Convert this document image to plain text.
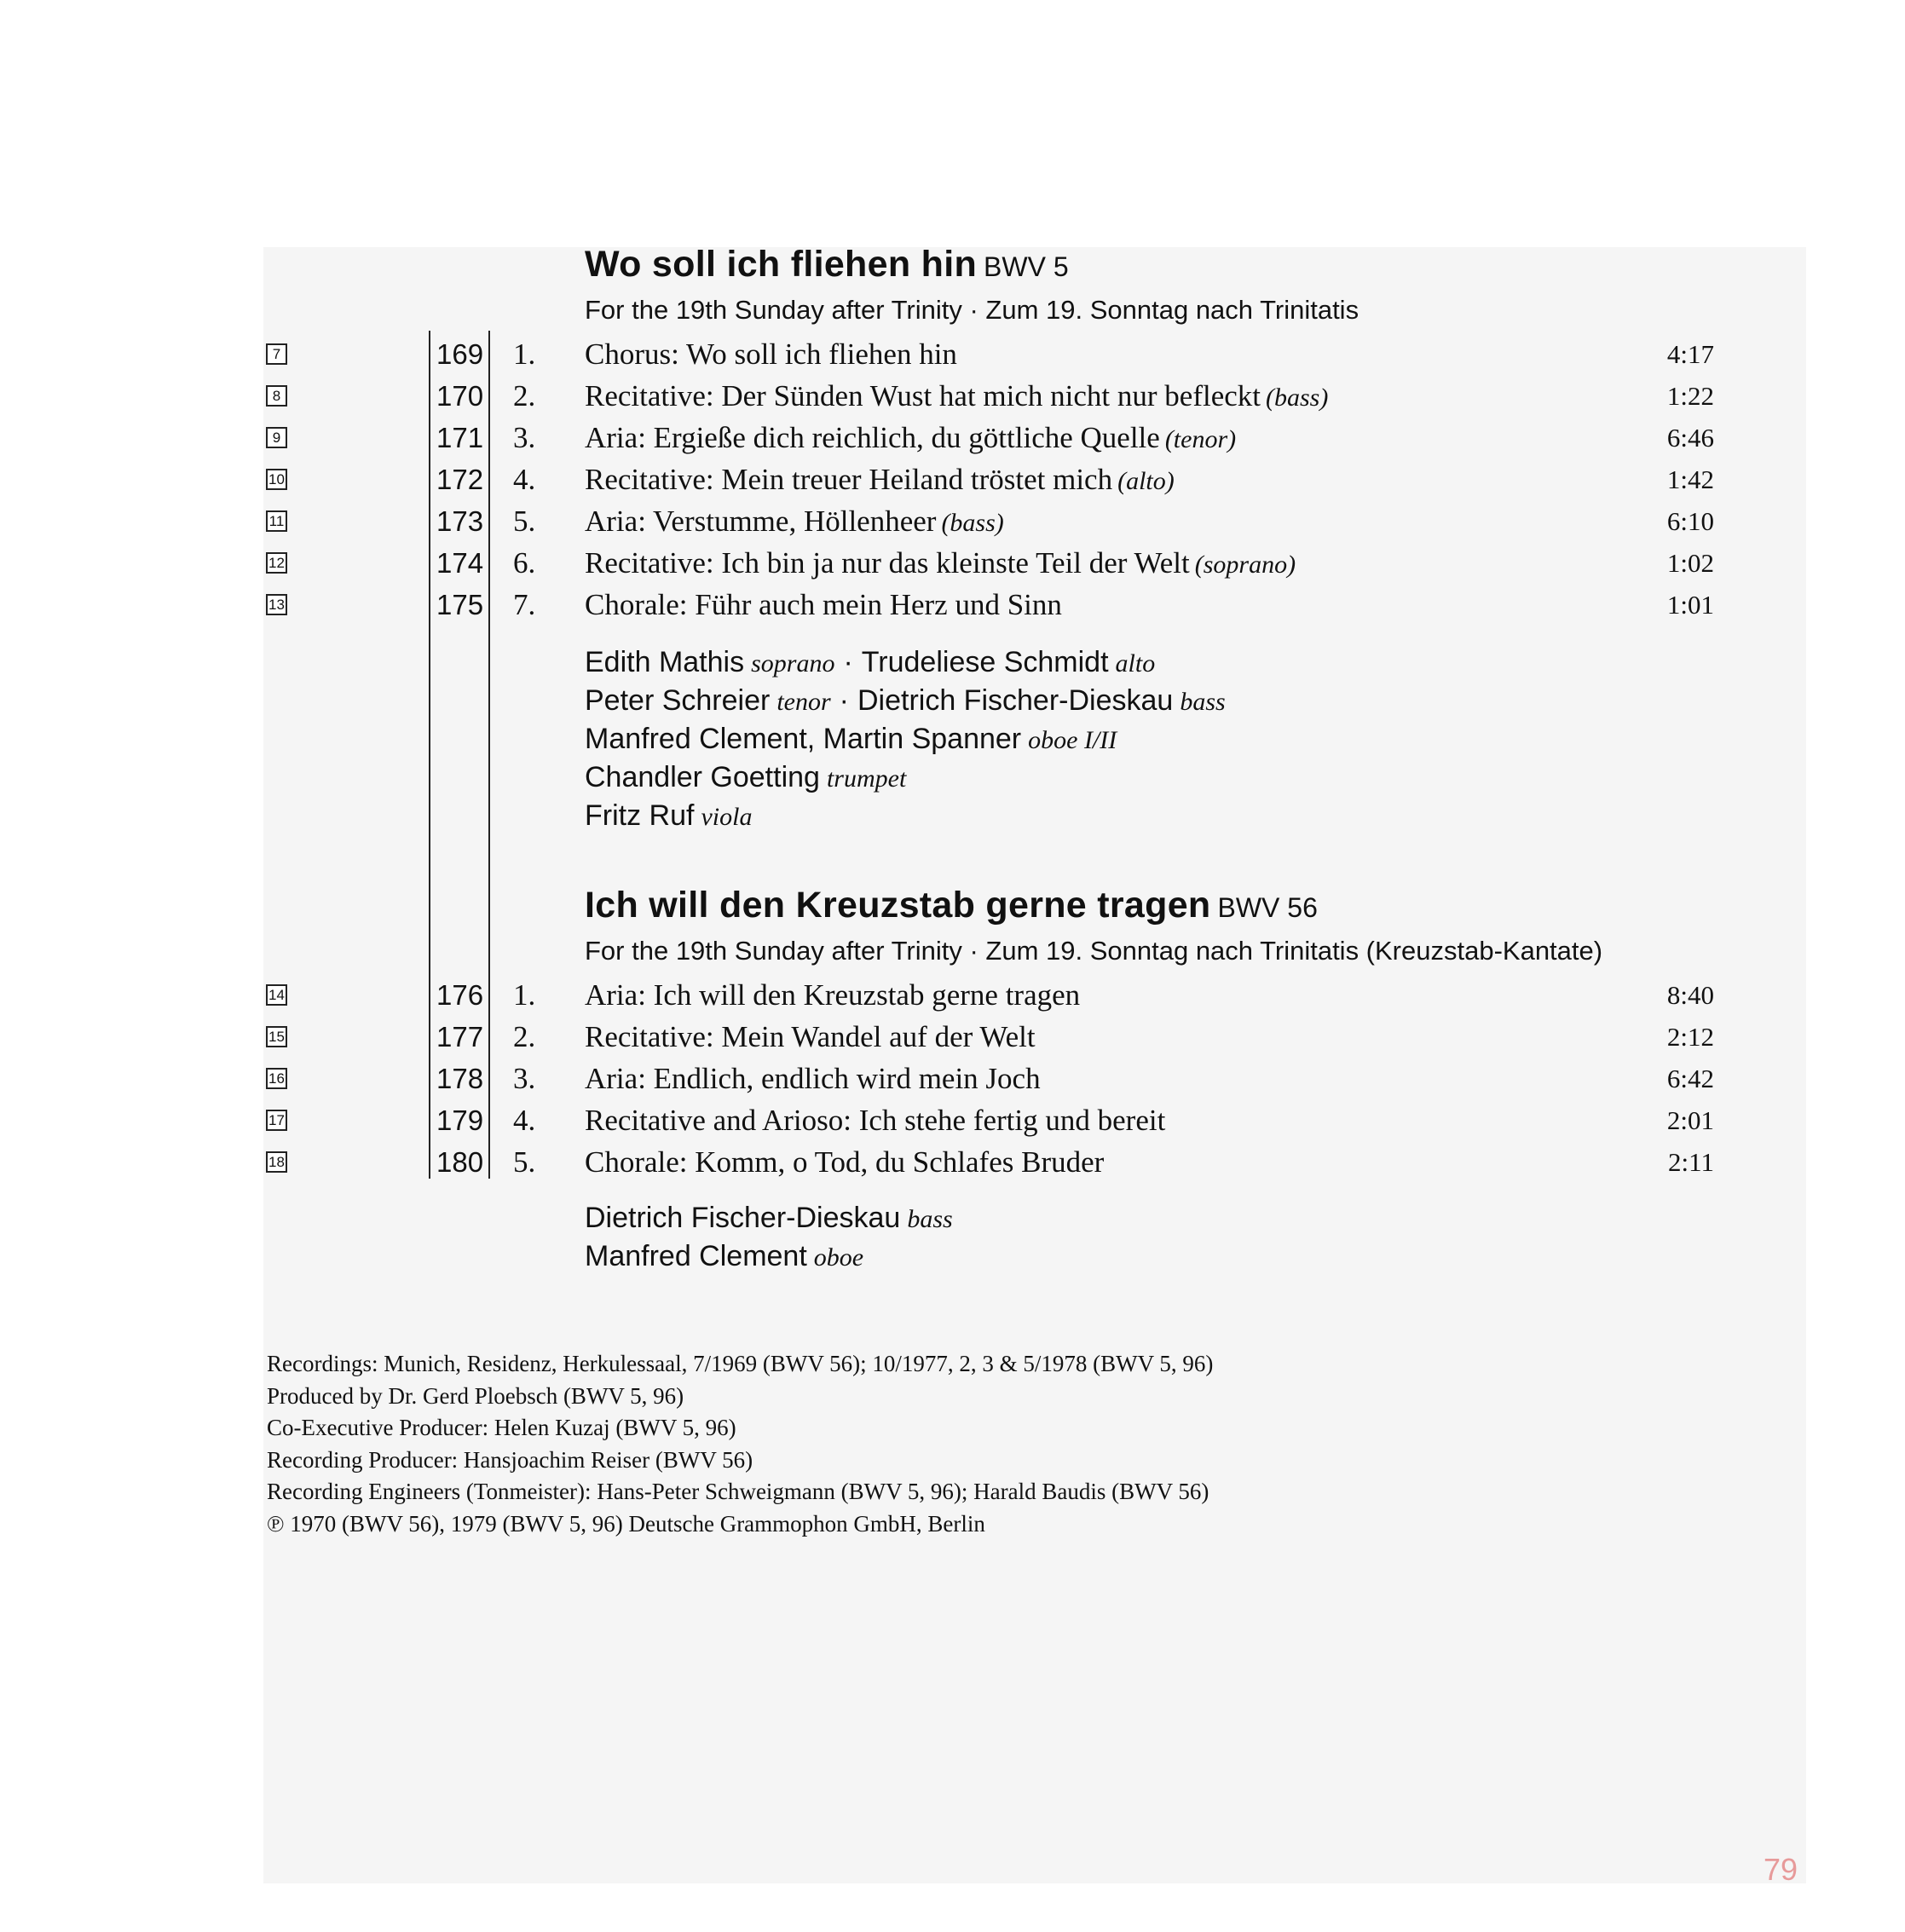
Wo soll ich fliehen hin BWV 5
For the 19th Sunday after Trinity · Zum 19. Sonntag nach Trinitatis
7	169 1. Chorus: Wo soll ich fliehen hin	4:17
8	170 2. Recitative: Der Sünden Wust hat mich nicht nur befleckt (bass)	1:22
9	171 3. Aria: Ergieße dich reichlich, du göttliche Quelle (tenor)	6:46
10	172 4. Recitative: Mein treuer Heiland tröstet mich (alto)	1:42
11	173 5. Aria: Verstumme, Höllenheer (bass)	6:10
12	174 6. Recitative: Ich bin ja nur das kleinste Teil der Welt (soprano)	1:02
13	175 7. Chorale: Führ auch mein Herz und Sinn	1:01
Edith Mathis soprano · Trudeliese Schmidt alto
Peter Schreier tenor · Dietrich Fischer-Dieskau bass
Manfred Clement, Martin Spanner oboe I/II
Chandler Goetting trumpet
Fritz Ruf viola
Ich will den Kreuzstab gerne tragen BWV 56
For the 19th Sunday after Trinity · Zum 19. Sonntag nach Trinitatis (Kreuzstab-Kantate)
14	176 1. Aria: Ich will den Kreuzstab gerne tragen	8:40
15	177 2. Recitative: Mein Wandel auf der Welt	2:12
16	178 3. Aria: Endlich, endlich wird mein Joch	6:42
17	179 4. Recitative and Arioso: Ich stehe fertig und bereit	2:01
18	180 5. Chorale: Komm, o Tod, du Schlafes Bruder	2:11
Dietrich Fischer-Dieskau bass
Manfred Clement oboe
Recordings: Munich, Residenz, Herkulessaal, 7/1969 (BWV 56); 10/1977, 2, 3 & 5/1978 (BWV 5, 96)
Produced by Dr. Gerd Ploebsch (BWV 5, 96)
Co-Executive Producer: Helen Kuzaj (BWV 5, 96)
Recording Producer: Hansjoachim Reiser (BWV 56)
Recording Engineers (Tonmeister): Hans-Peter Schweigmann (BWV 5, 96); Harald Baudis (BWV 56)
℗ 1970 (BWV 56), 1979 (BWV 5, 96) Deutsche Grammophon GmbH, Berlin
79
